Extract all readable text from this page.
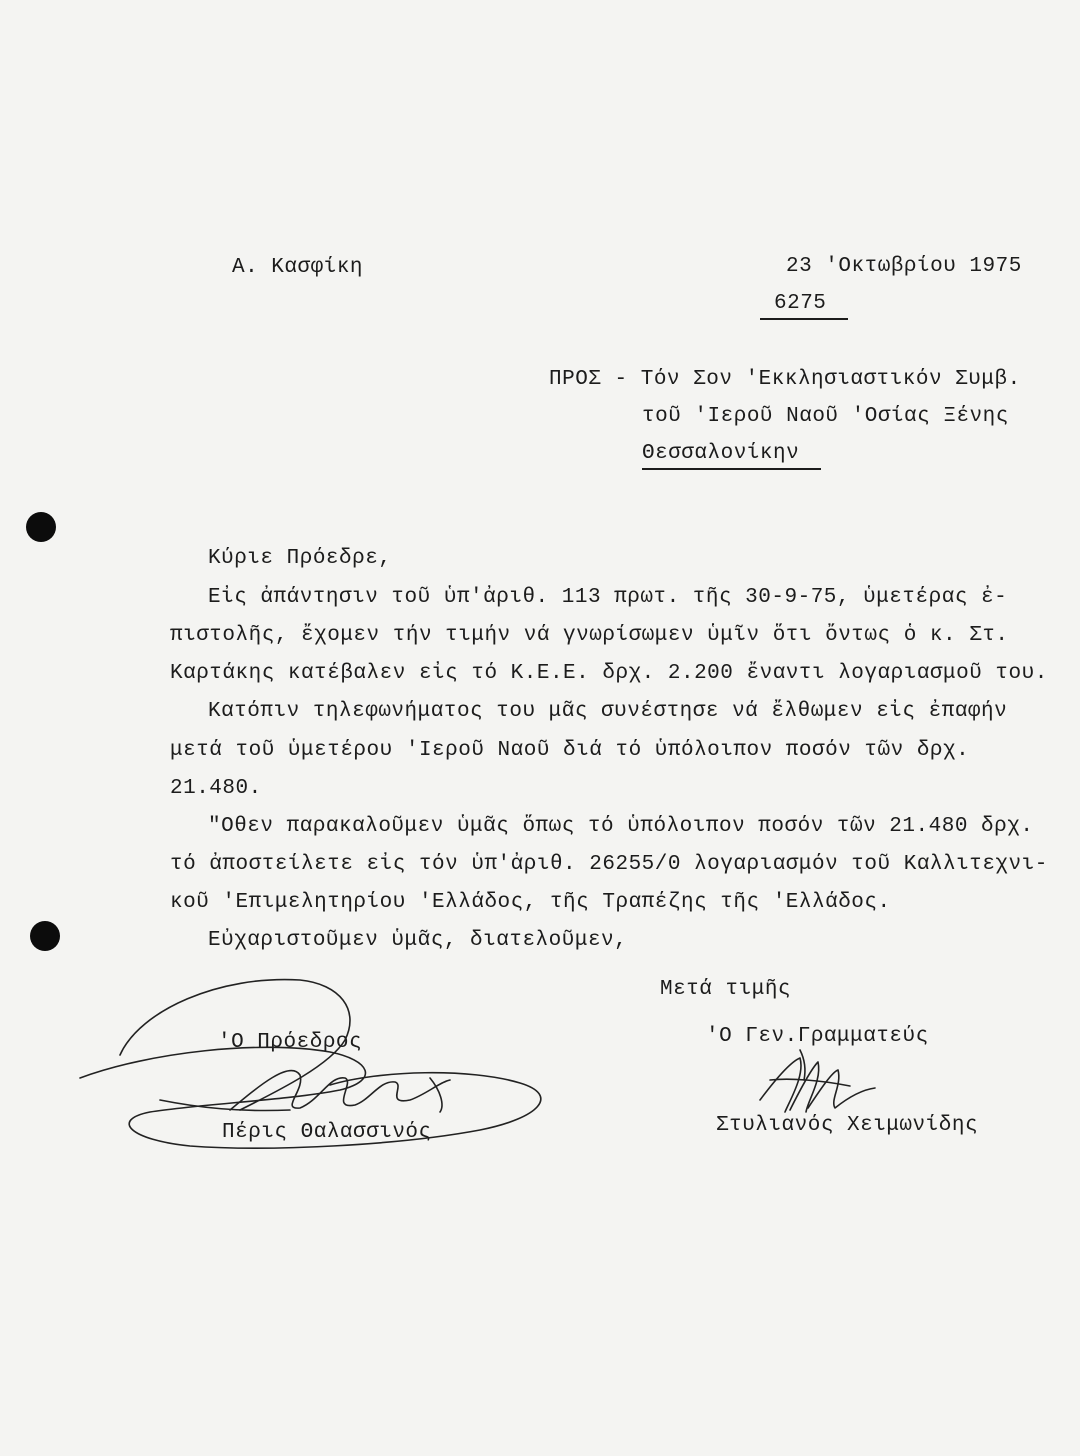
Α. Κασφίκη	23 'Οκτωβρίου 1975
6275
ΠΡΟΣ - Τόν Σον 'Εκκλησιαστικόν Συμβ.
τοῦ 'Ιεροῦ Ναοῦ 'Οσίας Ξένης
Θεσσαλονίκην
Κύριε Πρόεδρε,
Εἰς ἀπάντησιν τοῦ ὑπ'ἀριθ. 113 πρωτ. τῆς 30-9-75, ὑμετέρας ἐ-
πιστολῆς, ἔχομεν τήν τιμήν νά γνωρίσωμεν ὑμῖν ὅτι ὄντως ὁ κ. Στ.
Καρτάκης κατέβαλεν εἰς τό Κ.Ε.Ε. δρχ. 2.200 ἔναντι λογαριασμοῦ του.
Κατόπιν τηλεφωνήματος του μᾶς συνέστησε νά ἔλθωμεν εἰς ἐπαφήν
μετά τοῦ ὑμετέρου 'Ιεροῦ Ναοῦ διά τό ὑπόλοιπον ποσόν τῶν δρχ.
21.480.
"Οθεν παρακαλοῦμεν ὑμᾶς ὅπως τό ὑπόλοιπον ποσόν τῶν 21.480 δρχ.
τό ἀποστείλετε εἰς τόν ὑπ'ἀριθ. 26255/0 λογαριασμόν τοῦ Καλλιτεχνι-
κοῦ 'Επιμελητηρίου 'Ελλάδος, τῆς Τραπέζης τῆς 'Ελλάδος.
Εὐχαριστοῦμεν ὑμᾶς, διατελοῦμεν,
Μετά τιμῆς
'Ο Πρόεδρος	'Ο Γεν.Γραμματεύς
Πέρις Θαλασσινός	Στυλιανός Χειμωνίδης
